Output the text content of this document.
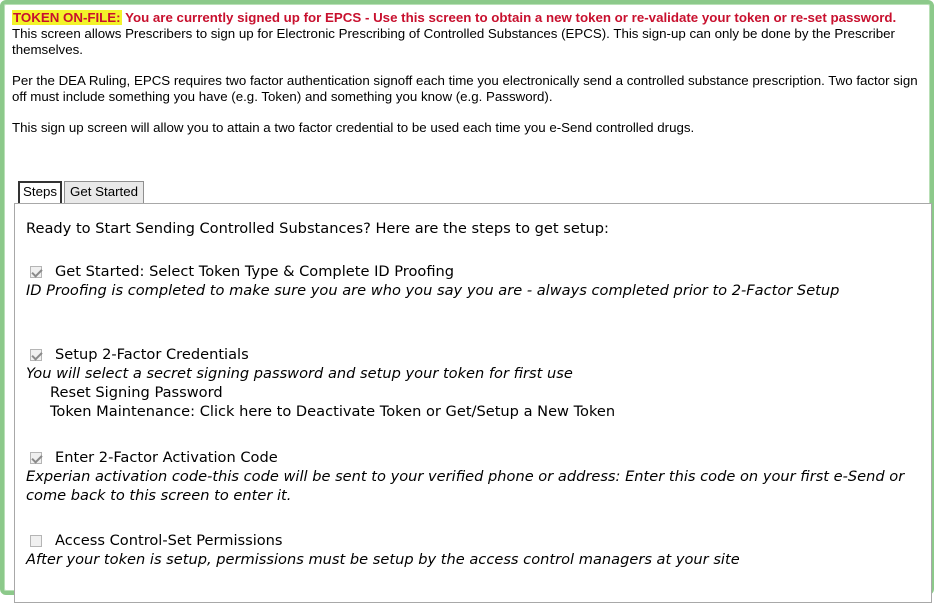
TOKEN ON-FILE: You are currently signed up for EPCS - Use this screen to obtain a new token or re-validate your token or re-set password.

This screen allows Prescribers to sign up for Electronic Prescribing of Controlled Substances (EPCS). This sign-up can only be done by the Prescriber themselves.

Per the DEA Ruling, EPCS requires two factor authentication signoff each time you electronically send a controlled substance prescription. Two factor sign off must include something you have (e.g. Token) and something you know (e.g. Password).

This sign up screen will allow you to attain a two factor credential to be used each time you e-Send controlled drugs.

Steps Get Started
Ready to Start Sending Controlled Substances? Here are the steps to get setup:
Get Started: Select Token Type & Complete ID Proofing
ID Proofing is completed to make sure you are who you say you are - always completed prior to 2-Factor Setup
Setup 2-Factor Credentials
You will select a secret signing password and setup your token for first use
Reset Signing Password
Token Maintenance: Click here to Deactivate Token or Get/Setup a New Token
Enter 2-Factor Activation Code
Experian activation code-this code will be sent to your verified phone or address: Enter this code on your first e-Send or come back to this screen to enter it.
Access Control-Set Permissions
After your token is setup, permissions must be setup by the access control managers at your site
